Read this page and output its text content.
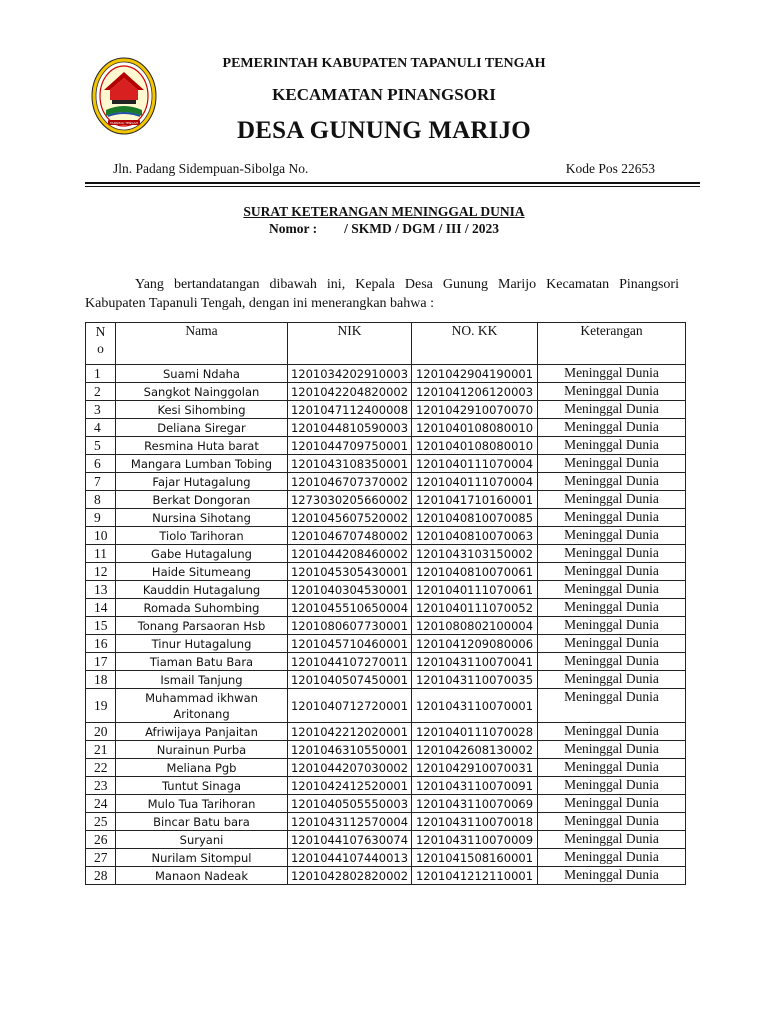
TAPANULI TENGAH
PEMERINTAH KABUPATEN TAPANULI TENGAH
KECAMATAN PINANGSORI
DESA GUNUNG MARIJO
Jln. Padang Sidempuan-Sibolga No.	Kode Pos 22653
SURAT KETERANGAN MENINGGAL DUNIA
Nomor :        / SKMD / DGM / III / 2023
Yang bertandatangan dibawah ini, Kepala Desa Gunung Marijo Kecamatan Pinangsori Kabupaten Tapanuli Tengah, dengan ini menerangkan bahwa :
N
o	Nama	NIK	NO. KK	Keterangan
1	Suami Ndaha	1201034202910003	1201042904190001	Meninggal Dunia
2	Sangkot Nainggolan	1201042204820002	1201041206120003	Meninggal Dunia
3	Kesi Sihombing	1201047112400008	1201042910070070	Meninggal Dunia
4	Deliana Siregar	1201044810590003	1201040108080010	Meninggal Dunia
5	Resmina Huta barat	1201044709750001	1201040108080010	Meninggal Dunia
6	Mangara Lumban Tobing	1201043108350001	1201040111070004	Meninggal Dunia
7	Fajar Hutagalung	1201046707370002	1201040111070004	Meninggal Dunia
8	Berkat Dongoran	1273030205660002	1201041710160001	Meninggal Dunia
9	Nursina Sihotang	1201045607520002	1201040810070085	Meninggal Dunia
10	Tiolo Tarihoran	1201046707480002	1201040810070063	Meninggal Dunia
11	Gabe Hutagalung	1201044208460002	1201043103150002	Meninggal Dunia
12	Haide Situmeang	1201045305430001	1201040810070061	Meninggal Dunia
13	Kauddin Hutagalung	1201040304530001	1201040111070061	Meninggal Dunia
14	Romada Suhombing	1201045510650004	1201040111070052	Meninggal Dunia
15	Tonang Parsaoran Hsb	1201080607730001	1201080802100004	Meninggal Dunia
16	Tinur Hutagalung	1201045710460001	1201041209080006	Meninggal Dunia
17	Tiaman Batu Bara	1201044107270011	1201043110070041	Meninggal Dunia
18	Ismail Tanjung	1201040507450001	1201043110070035	Meninggal Dunia
19	Muhammad ikhwan Aritonang	1201040712720001	1201043110070001	Meninggal Dunia
20	Afriwijaya Panjaitan	1201042212020001	1201040111070028	Meninggal Dunia
21	Nurainun Purba	1201046310550001	1201042608130002	Meninggal Dunia
22	Meliana Pgb	1201044207030002	1201042910070031	Meninggal Dunia
23	Tuntut Sinaga	1201042412520001	1201043110070091	Meninggal Dunia
24	Mulo Tua Tarihoran	1201040505550003	1201043110070069	Meninggal Dunia
25	Bincar Batu bara	1201043112570004	1201043110070018	Meninggal Dunia
26	Suryani	1201044107630074	1201043110070009	Meninggal Dunia
27	Nurilam Sitompul	1201044107440013	1201041508160001	Meninggal Dunia
28	Manaon Nadeak	1201042802820002	1201041212110001	Meninggal Dunia
